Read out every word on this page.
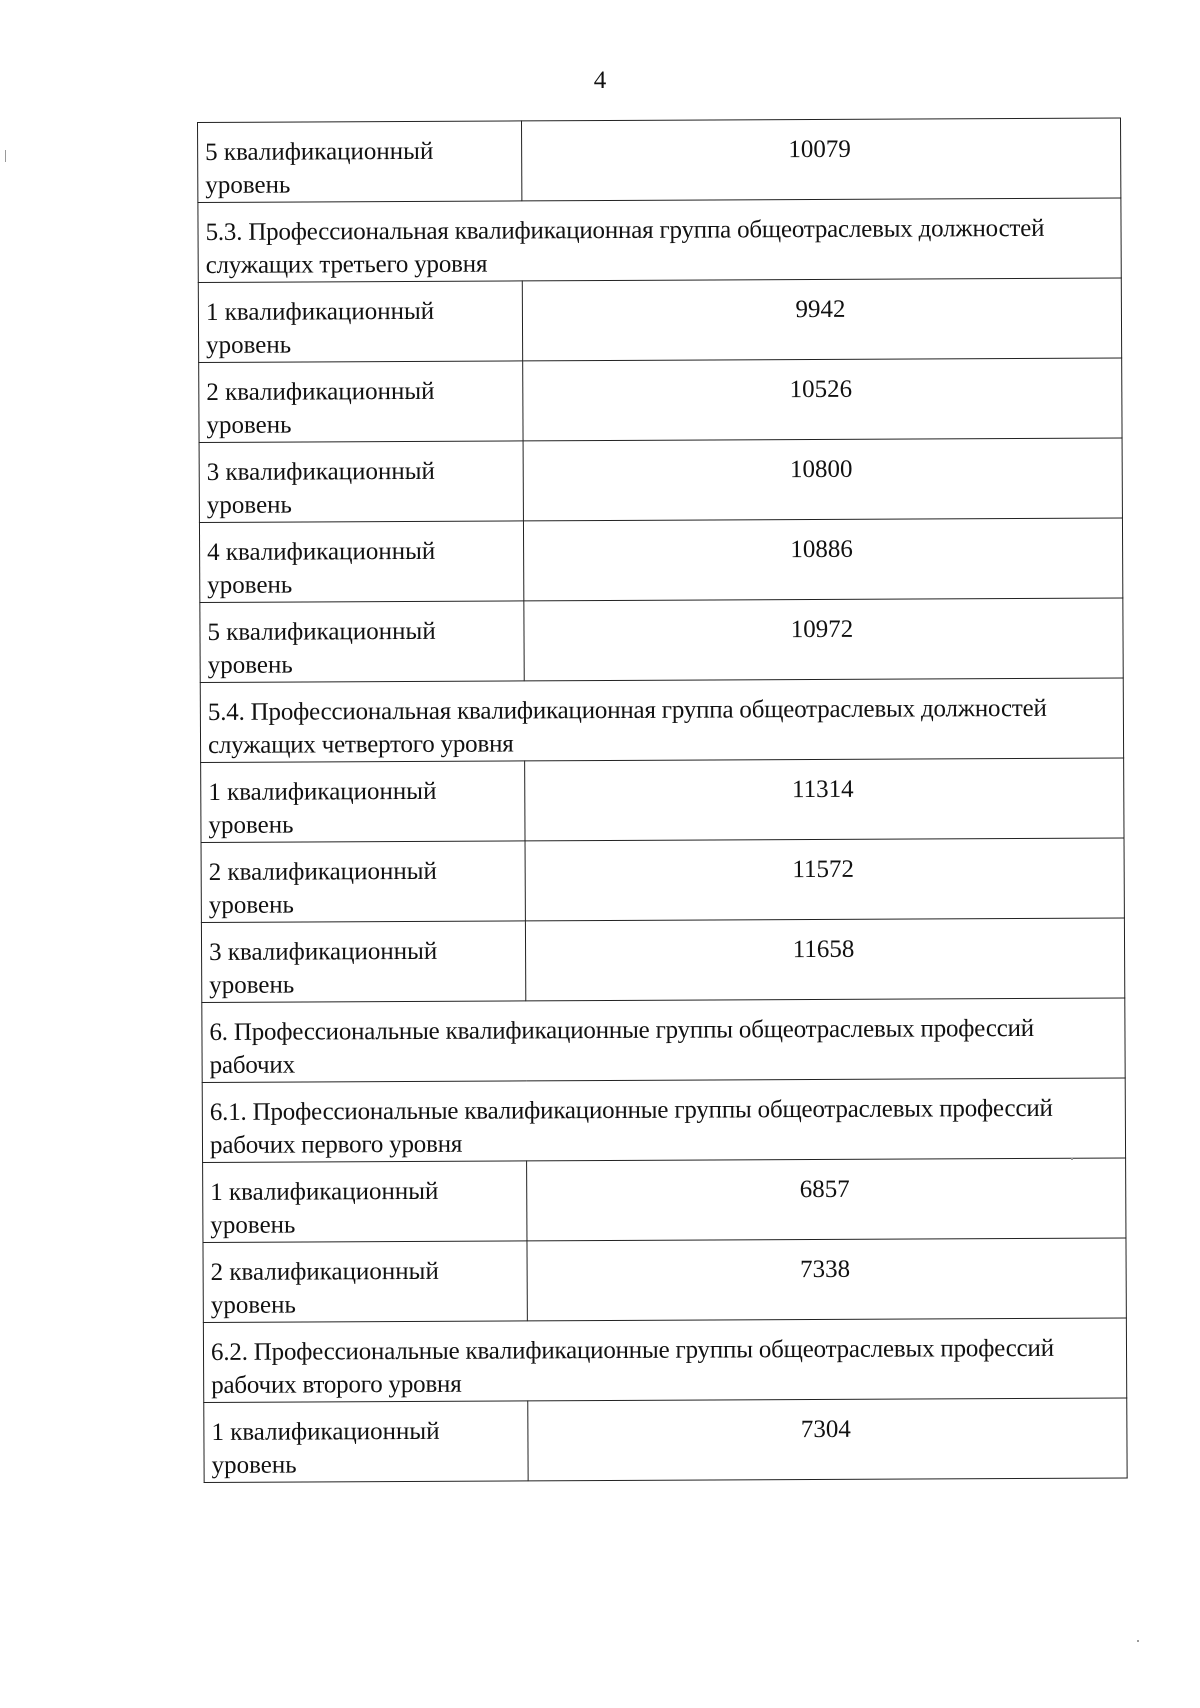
4
5 квалификационный уровень	10079
5.3. Профессиональная квалификационная группа общеотраслевых должностей служащих третьего уровня	
1 квалификационный уровень	9942
2 квалификационный уровень	10526
3 квалификационный уровень	10800
4 квалификационный уровень	10886
5 квалификационный уровень	10972
5.4. Профессиональная квалификационная группа общеотраслевых должностей служащих четвертого уровня	
1 квалификационный уровень	11314
2 квалификационный уровень	11572
3 квалификационный уровень	11658
6. Профессиональные квалификационные группы общеотраслевых профессий рабочих	
6.1. Профессиональные квалификационные группы общеотраслевых профессий рабочих первого уровня	
1 квалификационный уровень	6857
2 квалификационный уровень	7338
6.2. Профессиональные квалификационные группы общеотраслевых профессий рабочих второго уровня	
1 квалификационный уровень	7304
